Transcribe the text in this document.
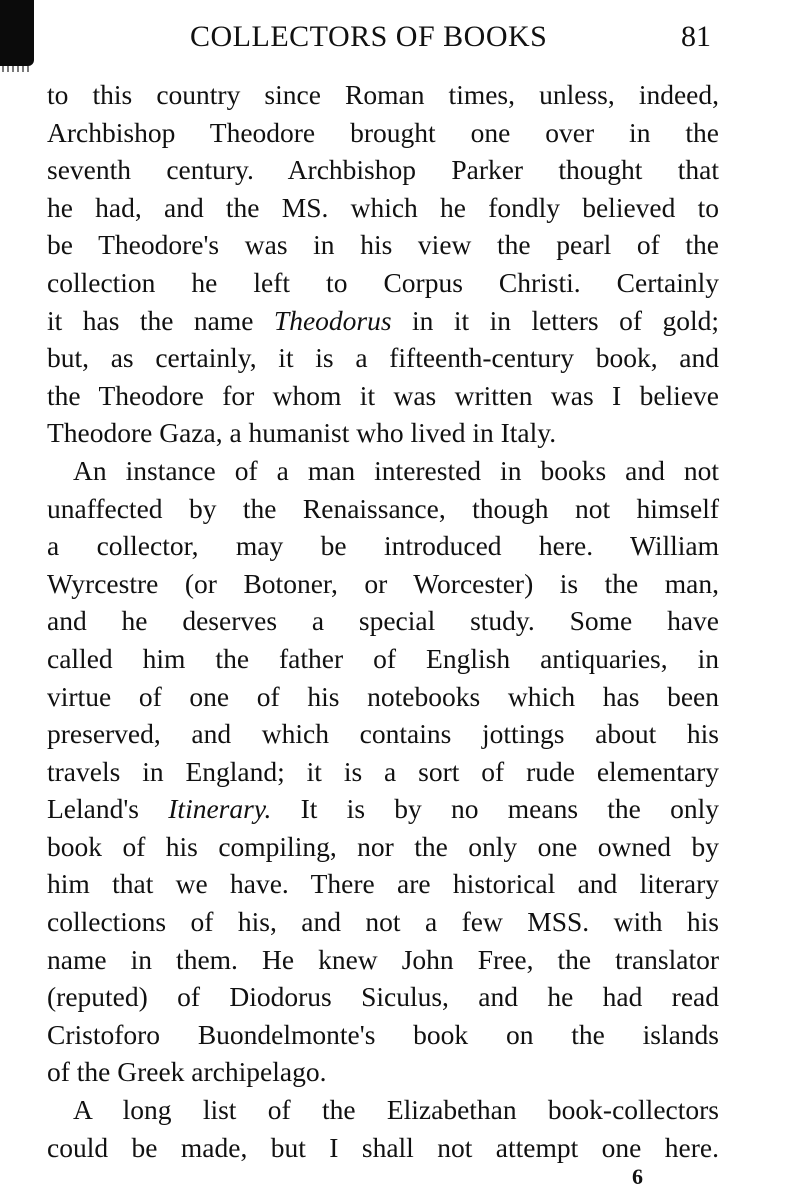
COLLECTORS OF BOOKS	81
to this country since Roman times, unless, indeed,
Archbishop Theodore brought one over in the
seventh century. Archbishop Parker thought that
he had, and the MS. which he fondly believed to
be Theodore's was in his view the pearl of the
collection he left to Corpus Christi. Certainly
it has the name Theodorus in it in letters of gold;
but, as certainly, it is a fifteenth-century book, and
the Theodore for whom it was written was I believe
Theodore Gaza, a humanist who lived in Italy.
An instance of a man interested in books and not
unaffected by the Renaissance, though not himself
a collector, may be introduced here. William
Wyrcestre (or Botoner, or Worcester) is the man,
and he deserves a special study. Some have
called him the father of English antiquaries, in
virtue of one of his notebooks which has been
preserved, and which contains jottings about his
travels in England; it is a sort of rude elementary
Leland's Itinerary. It is by no means the only
book of his compiling, nor the only one owned by
him that we have. There are historical and literary
collections of his, and not a few MSS. with his
name in them. He knew John Free, the translator
(reputed) of Diodorus Siculus, and he had read
Cristoforo Buondelmonte's book on the islands
of the Greek archipelago.
A long list of the Elizabethan book-collectors
could be made, but I shall not attempt one here.
6
